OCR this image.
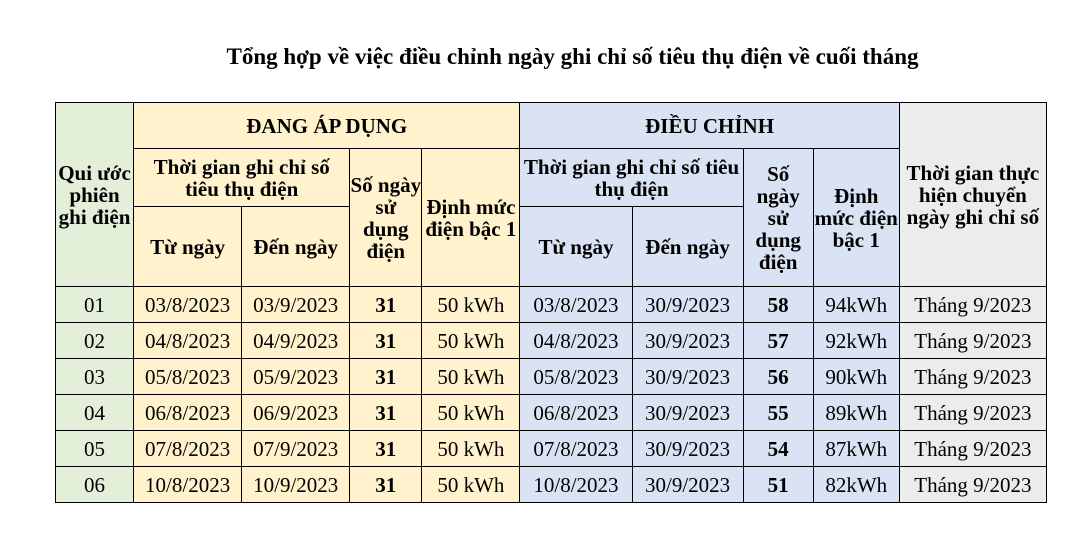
Tổng hợp về việc điều chỉnh ngày ghi chỉ số tiêu thụ điện về cuối tháng
Qui ước phiên ghi điện	ĐANG ÁP DỤNG				ĐIỀU CHỈNH				Thời gian thực hiện chuyển ngày ghi chỉ số
	Thời gian ghi chỉ số tiêu thụ điện		Số ngày sử dụng điện	Định mức điện bậc 1	Thời gian ghi chỉ số tiêu thụ điện		Số ngày sử dụng điện	Định mức điện bậc 1	
	Từ ngày	Đến ngày			Từ ngày	Đến ngày			
01	03/8/2023	03/9/2023	31	50 kWh	03/8/2023	30/9/2023	58	94kWh	Tháng 9/2023
02	04/8/2023	04/9/2023	31	50 kWh	04/8/2023	30/9/2023	57	92kWh	Tháng 9/2023
03	05/8/2023	05/9/2023	31	50 kWh	05/8/2023	30/9/2023	56	90kWh	Tháng 9/2023
04	06/8/2023	06/9/2023	31	50 kWh	06/8/2023	30/9/2023	55	89kWh	Tháng 9/2023
05	07/8/2023	07/9/2023	31	50 kWh	07/8/2023	30/9/2023	54	87kWh	Tháng 9/2023
06	10/8/2023	10/9/2023	31	50 kWh	10/8/2023	30/9/2023	51	82kWh	Tháng 9/2023
